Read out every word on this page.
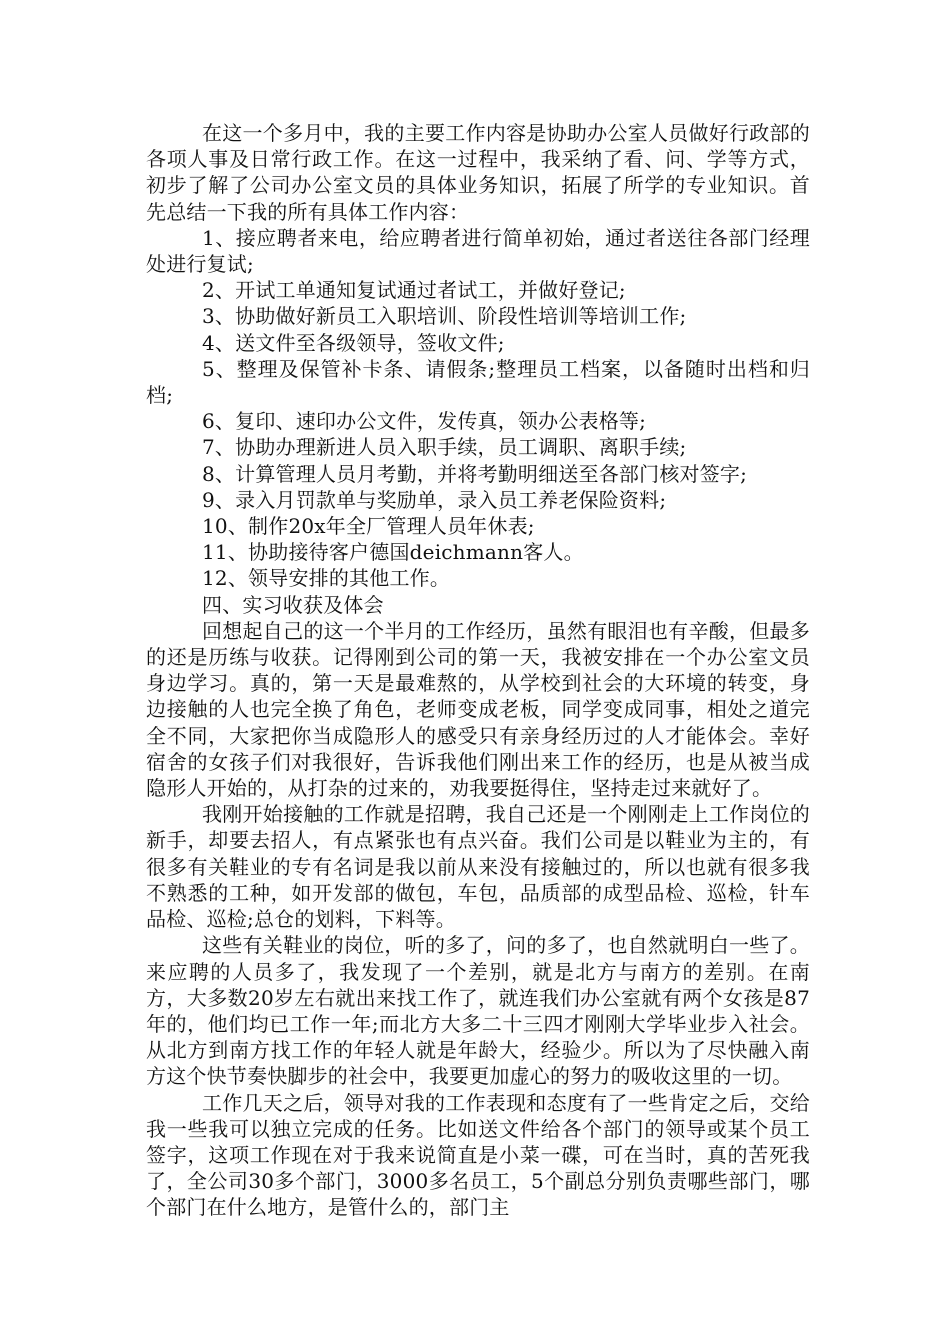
在这一个多月中，我的主要工作内容是协助办公室人员做好行政部的各项人事及日常行政工作。在这一过程中，我采纳了看、问、学等方式，初步了解了公司办公室文员的具体业务知识，拓展了所学的专业知识。首先总结一下我的所有具体工作内容：

1、接应聘者来电，给应聘者进行简单初始，通过者送往各部门经理处进行复试;

2、开试工单通知复试通过者试工，并做好登记;

3、协助做好新员工入职培训、阶段性培训等培训工作;

4、送文件至各级领导，签收文件;

5、整理及保管补卡条、请假条;整理员工档案，以备随时出档和归档;

6、复印、速印办公文件，发传真，领办公表格等;

7、协助办理新进人员入职手续，员工调职、离职手续;

8、计算管理人员月考勤，并将考勤明细送至各部门核对签字;

9、录入月罚款单与奖励单，录入员工养老保险资料;

10、制作20x年全厂管理人员年休表;

11、协助接待客户德国deichmann客人。

12、领导安排的其他工作。

四、实习收获及体会

回想起自己的这一个半月的工作经历，虽然有眼泪也有辛酸，但最多的还是历练与收获。记得刚到公司的第一天，我被安排在一个办公室文员身边学习。真的，第一天是最难熬的，从学校到社会的大环境的转变，身边接触的人也完全换了角色，老师变成老板，同学变成同事，相处之道完全不同，大家把你当成隐形人的感受只有亲身经历过的人才能体会。幸好宿舍的女孩子们对我很好，告诉我他们刚出来工作的经历，也是从被当成隐形人开始的，从打杂的过来的，劝我要挺得住，坚持走过来就好了。

我刚开始接触的工作就是招聘，我自己还是一个刚刚走上工作岗位的新手，却要去招人，有点紧张也有点兴奋。我们公司是以鞋业为主的，有很多有关鞋业的专有名词是我以前从来没有接触过的，所以也就有很多我不熟悉的工种，如开发部的做包，车包，品质部的成型品检、巡检，针车品检、巡检;总仓的划料，下料等。

这些有关鞋业的岗位，听的多了，问的多了，也自然就明白一些了。来应聘的人员多了，我发现了一个差别，就是北方与南方的差别。在南方，大多数20岁左右就出来找工作了，就连我们办公室就有两个女孩是87年的，他们均已工作一年;而北方大多二十三四才刚刚大学毕业步入社会。从北方到南方找工作的年轻人就是年龄大，经验少。所以为了尽快融入南方这个快节奏快脚步的社会中，我要更加虚心的努力的吸收这里的一切。

工作几天之后，领导对我的工作表现和态度有了一些肯定之后，交给我一些我可以独立完成的任务。比如送文件给各个部门的领导或某个员工签字，这项工作现在对于我来说简直是小菜一碟，可在当时，真的苦死我了，全公司30多个部门，3000多名员工，5个副总分别负责哪些部门，哪个部门在什么地方，是管什么的，部门主
